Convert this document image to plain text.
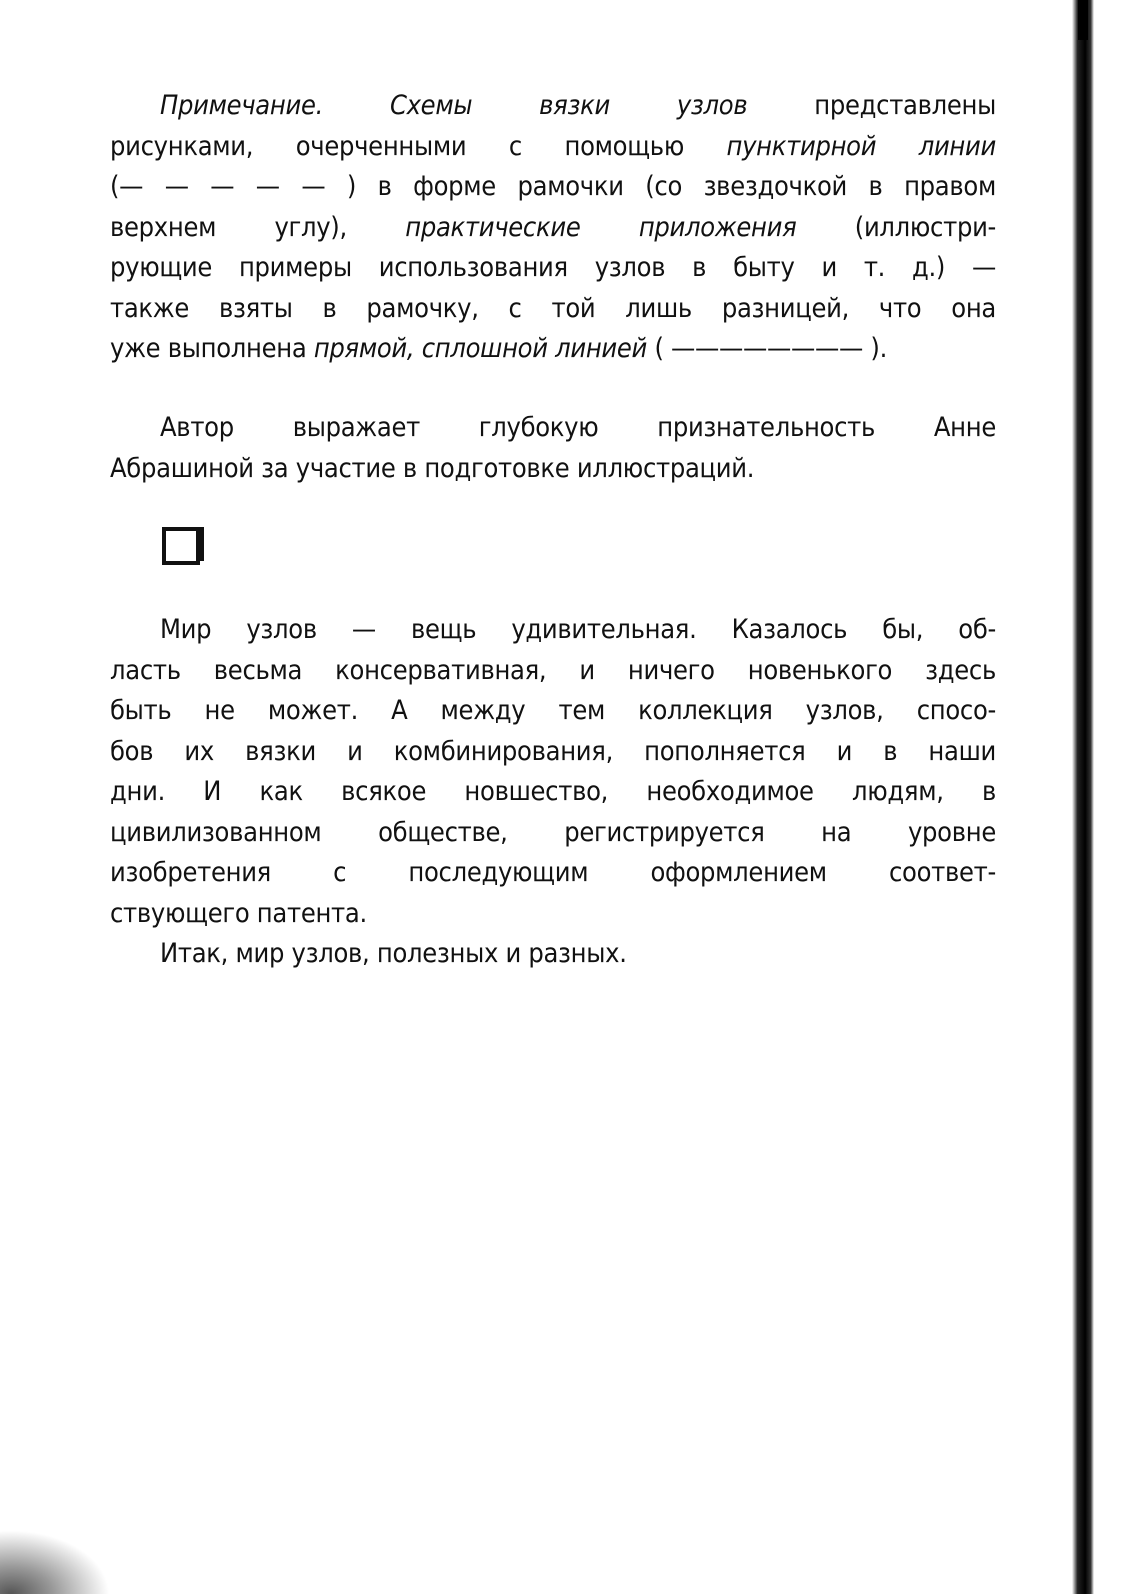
Примечание. Схемы вязки узлов представлены
рисунками, очерченными с помощью пунктирной линии
(— — — — — ) в форме рамочки (со звездочкой в правом
верхнем углу), практические приложения (иллюстри-
рующие примеры использования узлов в быту и т. д.) —
также взяты в рамочку, с той лишь разницей, что она
уже выполнена прямой, сплошной линией ( ———————— ).
Автор выражает глубокую признательность Анне
Абрашиной за участие в подготовке иллюстраций.
Мир узлов — вещь удивительная. Казалось бы, об-
ласть весьма консервативная, и ничего новенького здесь
быть не может. А между тем коллекция узлов, спосо-
бов их вязки и комбинирования, пополняется и в наши
дни. И как всякое новшество, необходимое людям, в
цивилизованном обществе, регистрируется на уровне
изобретения с последующим оформлением соответ-
ствующего патента.
Итак, мир узлов, полезных и разных.
